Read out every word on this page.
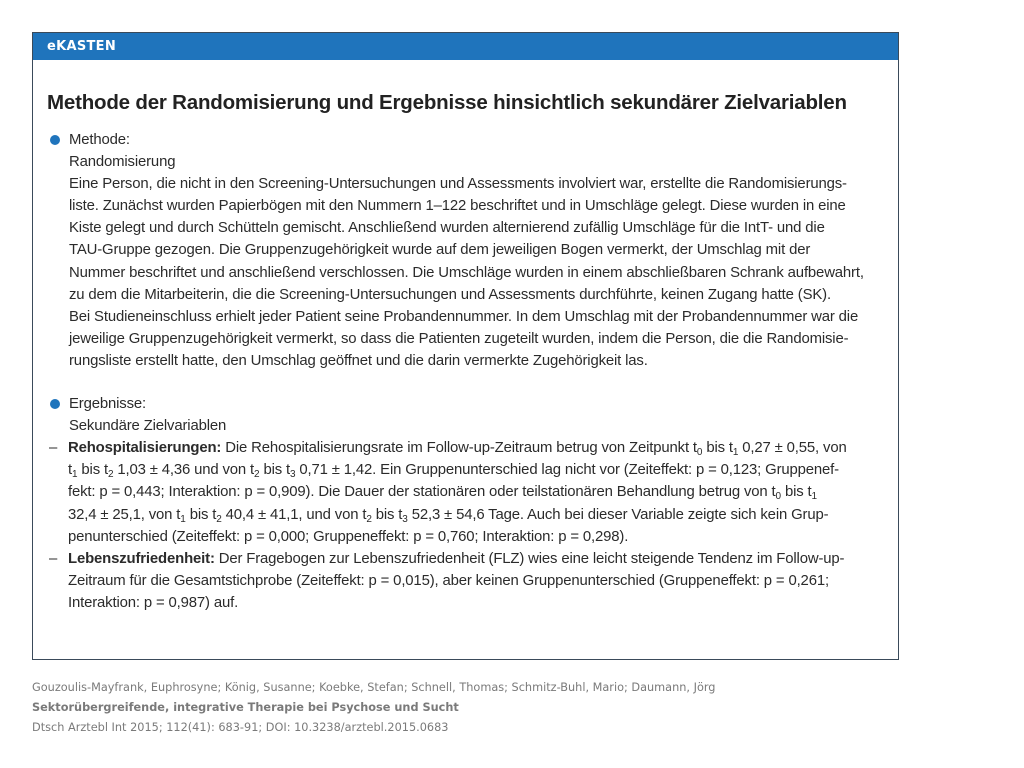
eKASTEN
Methode der Randomisierung und Ergebnisse hinsichtlich sekundärer Zielvariablen
Methode:
Randomisierung
Eine Person, die nicht in den Screening-Untersuchungen und Assessments involviert war, erstellte die Randomisierungs-
liste. Zunächst wurden Papierbögen mit den Nummern 1–122 beschriftet und in Umschläge gelegt. Diese wurden in eine
Kiste gelegt und durch Schütteln gemischt. Anschließend wurden alternierend zufällig Umschläge für die IntT- und die
TAU-Gruppe gezogen. Die Gruppenzugehörigkeit wurde auf dem jeweiligen Bogen vermerkt, der Umschlag mit der
Nummer beschriftet und anschließend verschlossen. Die Umschläge wurden in einem abschließbaren Schrank aufbewahrt,
zu dem die Mitarbeiterin, die die Screening-Untersuchungen und Assessments durchführte, keinen Zugang hatte (SK).
Bei Studieneinschluss erhielt jeder Patient seine Probandennummer. In dem Umschlag mit der Probandennummer war die
jeweilige Gruppenzugehörigkeit vermerkt, so dass die Patienten zugeteilt wurden, indem die Person, die die Randomisie-
rungsliste erstellt hatte, den Umschlag geöffnet und die darin vermerkte Zugehörigkeit las.
Ergebnisse:
Sekundäre Zielvariablen
– Rehospitalisierungen: Die Rehospitalisierungsrate im Follow-up-Zeitraum betrug von Zeitpunkt $t_0$ bis $t_1$ 0,27 ± 0,55, von
$t_1$ bis $t_2$ 1,03 ± 4,36 und von $t_2$ bis $t_3$ 0,71 ± 1,42. Ein Gruppenunterschied lag nicht vor (Zeiteffekt: p = 0,123; Gruppenef-
fekt: p = 0,443; Interaktion: p = 0,909). Die Dauer der stationären oder teilstationären Behandlung betrug von $t_0$ bis $t_1$
32,4 ± 25,1, von $t_1$ bis $t_2$ 40,4 ± 41,1, und von $t_2$ bis $t_3$ 52,3 ± 54,6 Tage. Auch bei dieser Variable zeigte sich kein Grup-
penunterschied (Zeiteffekt: p = 0,000; Gruppeneffekt: p = 0,760; Interaktion: p = 0,298).
– Lebenszufriedenheit: Der Fragebogen zur Lebenszufriedenheit (FLZ) wies eine leicht steigende Tendenz im Follow-up-
Zeitraum für die Gesamtstichprobe (Zeiteffekt: p = 0,015), aber keinen Gruppenunterschied (Gruppeneffekt: p = 0,261;
Interaktion: p = 0,987) auf.
Gouzoulis-Mayfrank, Euphrosyne; König, Susanne; Koebke, Stefan; Schnell, Thomas; Schmitz-Buhl, Mario; Daumann, Jörg
Sektorübergreifende, integrative Therapie bei Psychose und Sucht
Dtsch Arztebl Int 2015; 112(41): 683-91; DOI: 10.3238/arztebl.2015.0683
